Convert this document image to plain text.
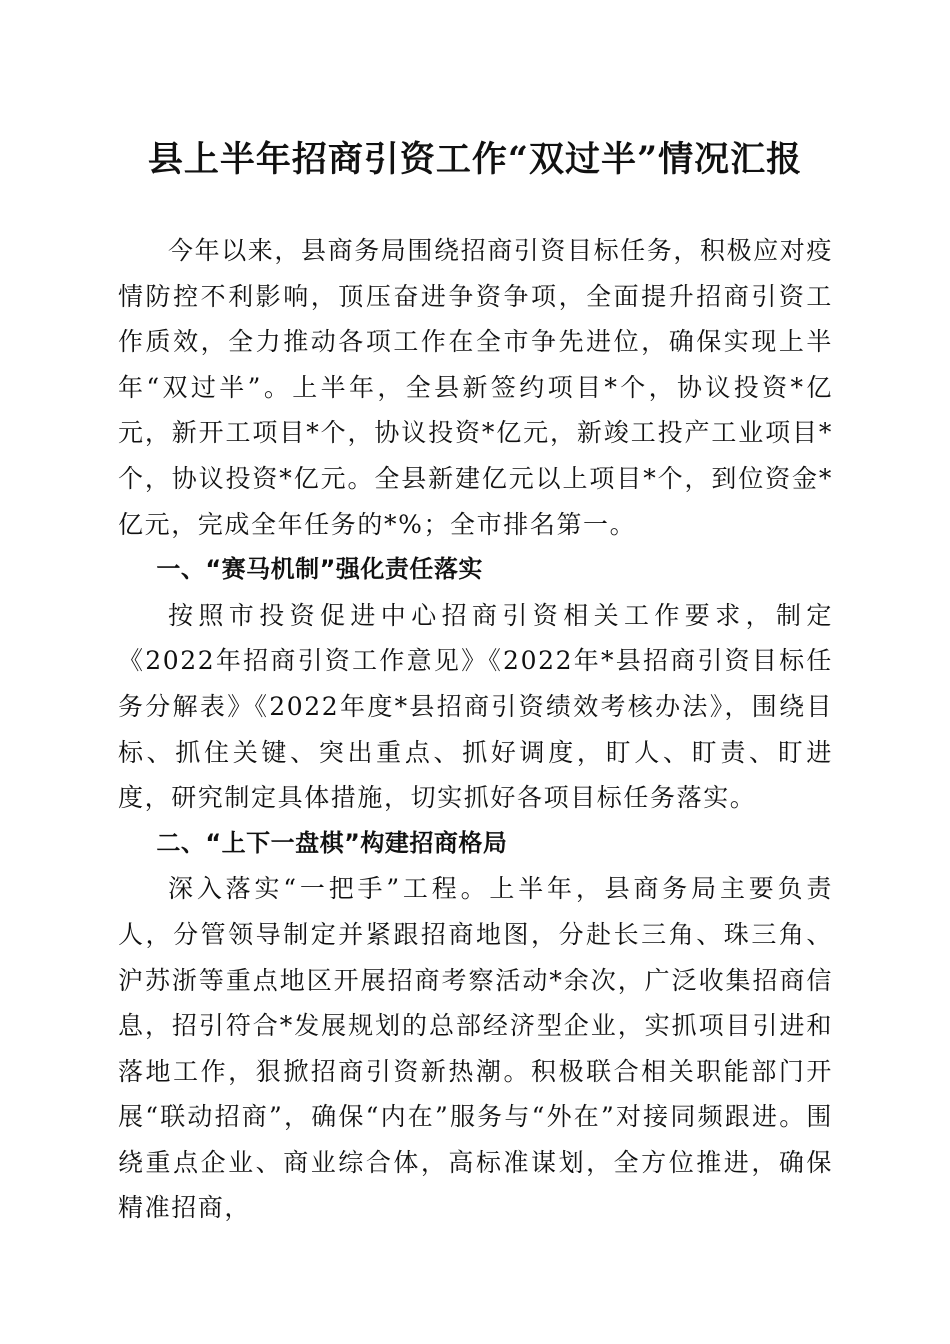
县上半年招商引资工作“双过半”情况汇报

今年以来，县商务局围绕招商引资目标任务，积极应对疫情防控不利影响，顶压奋进争资争项，全面提升招商引资工作质效，全力推动各项工作在全市争先进位，确保实现上半年“双过半”。上半年，全县新签约项目*个，协议投资*亿元，新开工项目*个，协议投资*亿元，新竣工投产工业项目*个，协议投资*亿元。全县新建亿元以上项目*个，到位资金*亿元，完成全年任务的*%；全市排名第一。

一、“赛马机制”强化责任落实

按照市投资促进中心招商引资相关工作要求，制定《2022年招商引资工作意见》《2022年*县招商引资目标任务分解表》《2022年度*县招商引资绩效考核办法》，围绕目标、抓住关键、突出重点、抓好调度，盯人、盯责、盯进度，研究制定具体措施，切实抓好各项目标任务落实。

二、“上下一盘棋”构建招商格局

深入落实“一把手”工程。上半年，县商务局主要负责人，分管领导制定并紧跟招商地图，分赴长三角、珠三角、沪苏浙等重点地区开展招商考察活动*余次，广泛收集招商信息，招引符合*发展规划的总部经济型企业，实抓项目引进和落地工作，狠掀招商引资新热潮。积极联合相关职能部门开展“联动招商”，确保“内在”服务与“外在”对接同频跟进。围绕重点企业、商业综合体，高标准谋划，全方位推进，确保精准招商，
